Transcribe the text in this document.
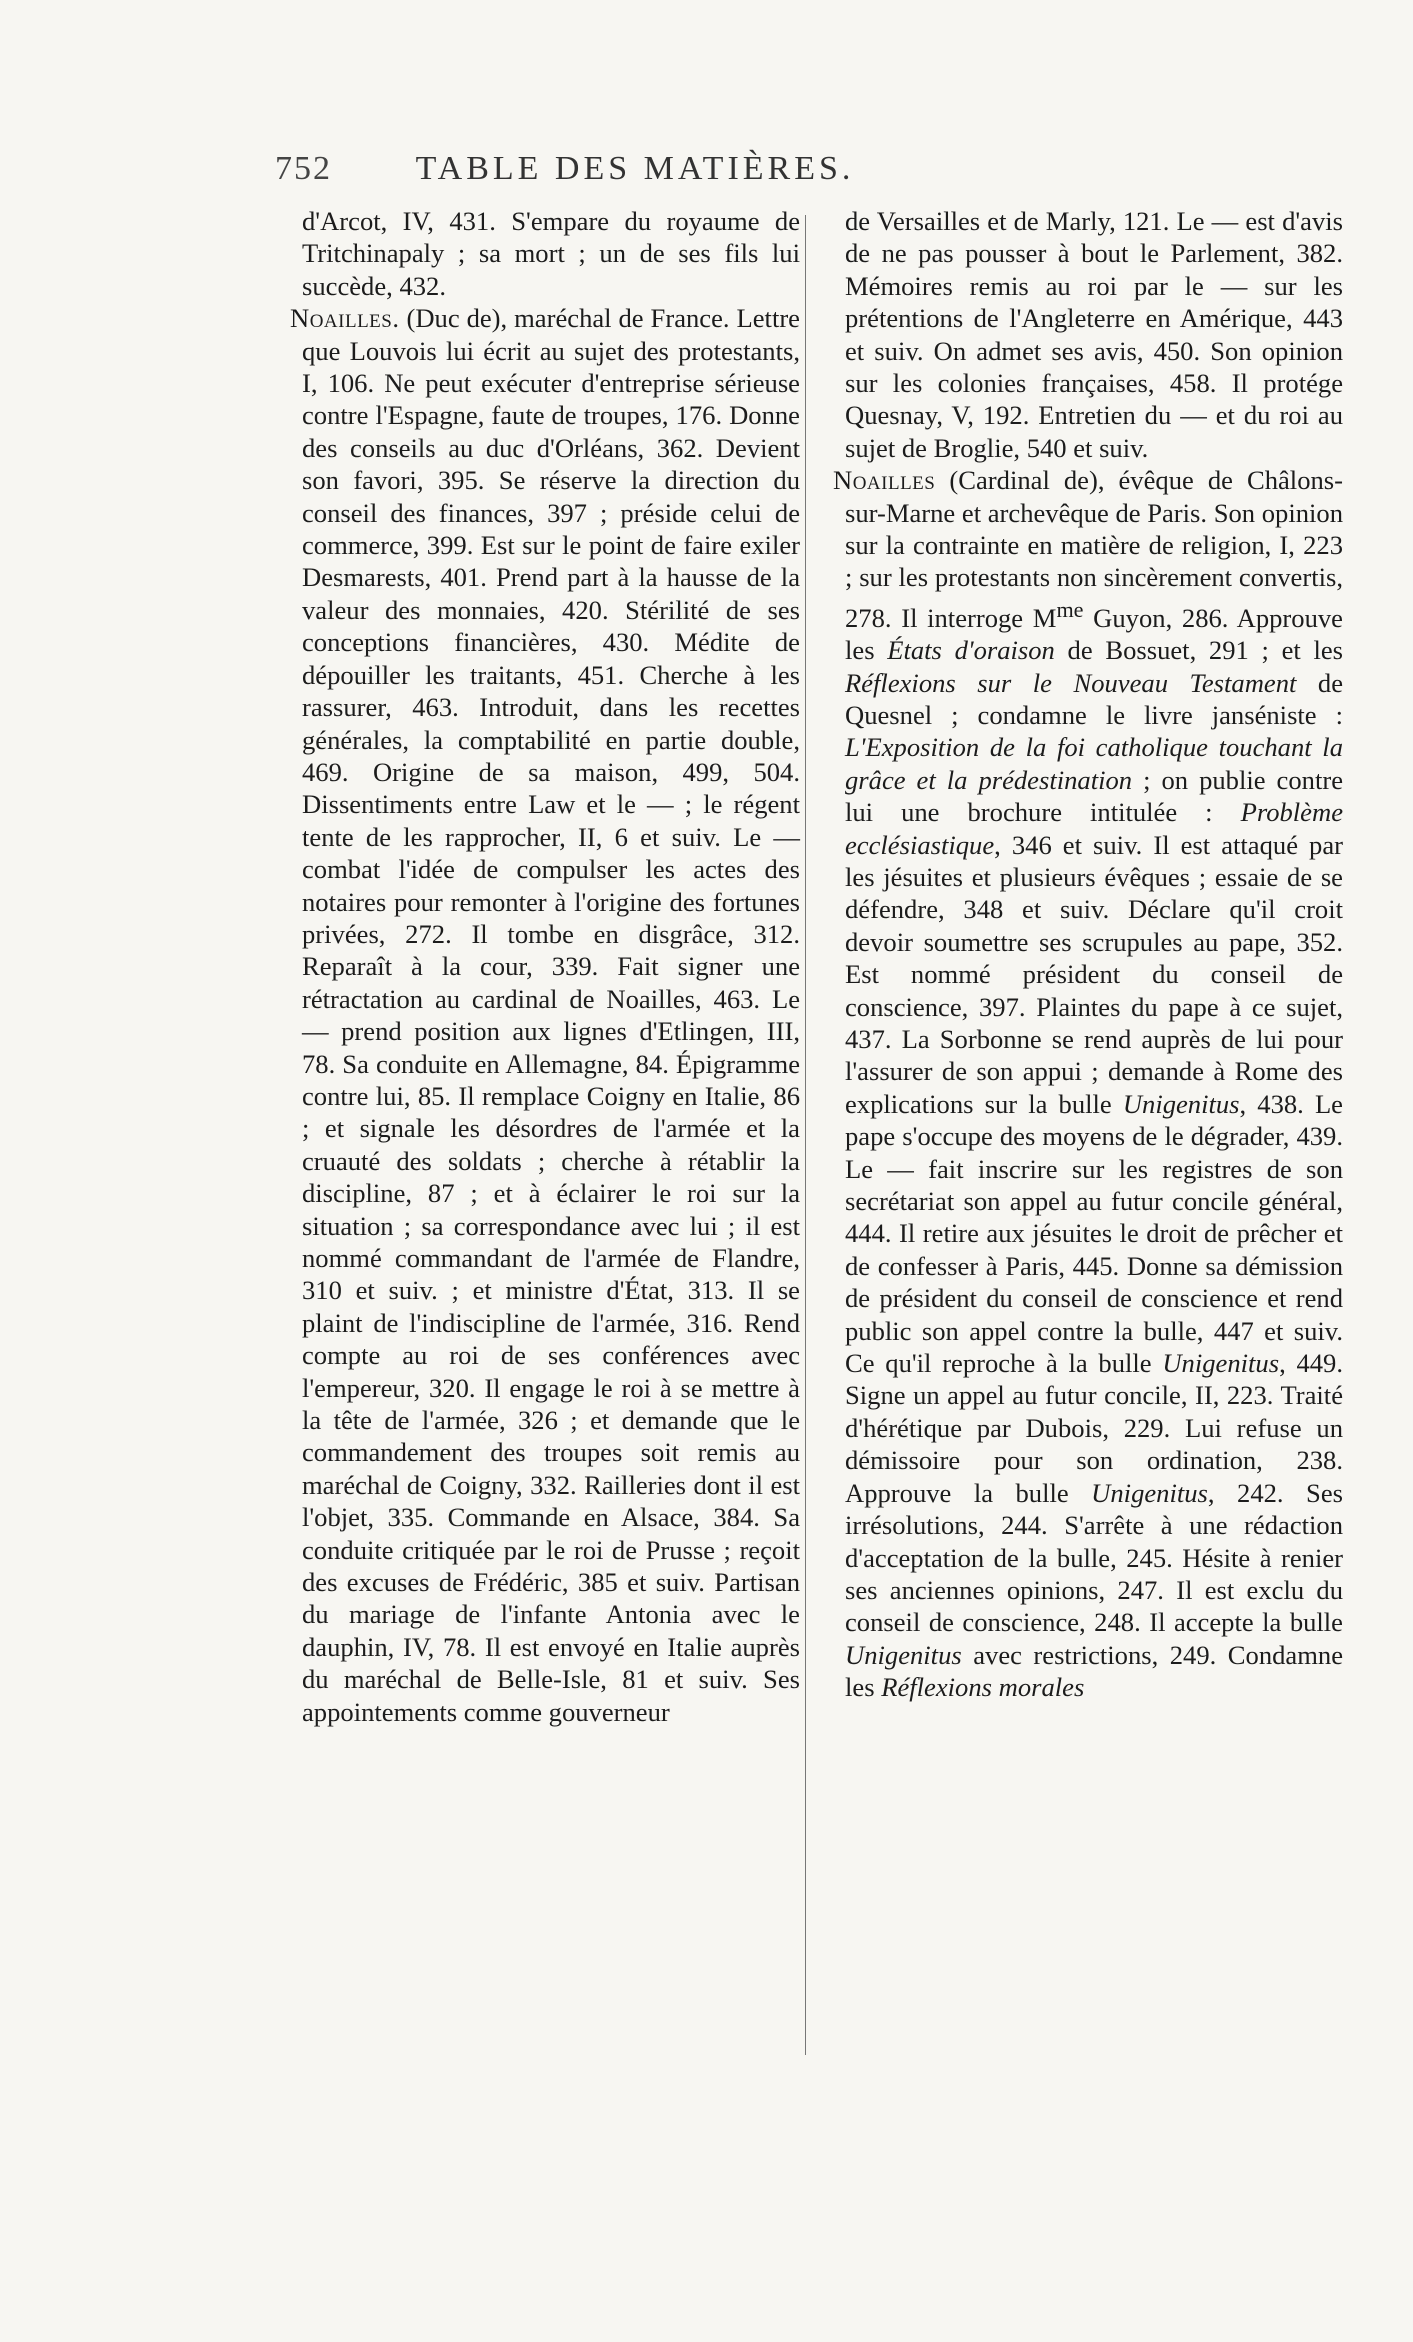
752	TABLE DES MATIÈRES.

d'Arcot, IV, 431. S'empare du royaume de Tritchinapaly ; sa mort ; un de ses fils lui succède, 432.

Noailles. (Duc de), maréchal de France. Lettre que Louvois lui écrit au sujet des protestants, I, 106. Ne peut exécuter d'entreprise sérieuse contre l'Espagne, faute de troupes, 176. Donne des conseils au duc d'Orléans, 362. Devient son favori, 395. Se réserve la direction du conseil des finances, 397 ; préside celui de commerce, 399. Est sur le point de faire exiler Desmarests, 401. Prend part à la hausse de la valeur des monnaies, 420. Stérilité de ses conceptions financières, 430. Médite de dépouiller les traitants, 451. Cherche à les rassurer, 463. Introduit, dans les recettes générales, la comptabilité en partie double, 469. Origine de sa maison, 499, 504. Dissentiments entre Law et le — ; le régent tente de les rapprocher, II, 6 et suiv. Le — combat l'idée de compulser les actes des notaires pour remonter à l'origine des fortunes privées, 272. Il tombe en disgrâce, 312. Reparaît à la cour, 339. Fait signer une rétractation au cardinal de Noailles, 463. Le — prend position aux lignes d'Etlingen, III, 78. Sa conduite en Allemagne, 84. Épigramme contre lui, 85. Il remplace Coigny en Italie, 86 ; et signale les désordres de l'armée et la cruauté des soldats ; cherche à rétablir la discipline, 87 ; et à éclairer le roi sur la situation ; sa correspondance avec lui ; il est nommé commandant de l'armée de Flandre, 310 et suiv. ; et ministre d'État, 313. Il se plaint de l'indiscipline de l'armée, 316. Rend compte au roi de ses conférences avec l'empereur, 320. Il engage le roi à se mettre à la tête de l'armée, 326 ; et demande que le commandement des troupes soit remis au maréchal de Coigny, 332. Railleries dont il est l'objet, 335. Commande en Alsace, 384. Sa conduite critiquée par le roi de Prusse ; reçoit des excuses de Frédéric, 385 et suiv. Partisan du mariage de l'infante Antonia avec le dauphin, IV, 78. Il est envoyé en Italie auprès du maréchal de Belle-Isle, 81 et suiv. Ses appointements comme gouverneur

de Versailles et de Marly, 121. Le — est d'avis de ne pas pousser à bout le Parlement, 382. Mémoires remis au roi par le — sur les prétentions de l'Angleterre en Amérique, 443 et suiv. On admet ses avis, 450. Son opinion sur les colonies françaises, 458. Il protége Quesnay, V, 192. Entretien du — et du roi au sujet de Broglie, 540 et suiv.

Noailles (Cardinal de), évêque de Châlons-sur-Marne et archevêque de Paris. Son opinion sur la contrainte en matière de religion, I, 223 ; sur les protestants non sincèrement convertis, 278. Il interroge $M^{me}$ Guyon, 286. Approuve les États d'oraison de Bossuet, 291 ; et les Réflexions sur le Nouveau Testament de Quesnel ; condamne le livre janséniste : L'Exposition de la foi catholique touchant la grâce et la prédestination ; on publie contre lui une brochure intitulée : Problème ecclésiastique, 346 et suiv. Il est attaqué par les jésuites et plusieurs évêques ; essaie de se défendre, 348 et suiv. Déclare qu'il croit devoir soumettre ses scrupules au pape, 352. Est nommé président du conseil de conscience, 397. Plaintes du pape à ce sujet, 437. La Sorbonne se rend auprès de lui pour l'assurer de son appui ; demande à Rome des explications sur la bulle Unigenitus, 438. Le pape s'occupe des moyens de le dégrader, 439. Le — fait inscrire sur les registres de son secrétariat son appel au futur concile général, 444. Il retire aux jésuites le droit de prêcher et de confesser à Paris, 445. Donne sa démission de président du conseil de conscience et rend public son appel contre la bulle, 447 et suiv. Ce qu'il reproche à la bulle Unigenitus, 449. Signe un appel au futur concile, II, 223. Traité d'hérétique par Dubois, 229. Lui refuse un démissoire pour son ordination, 238. Approuve la bulle Unigenitus, 242. Ses irrésolutions, 244. S'arrête à une rédaction d'acceptation de la bulle, 245. Hésite à renier ses anciennes opinions, 247. Il est exclu du conseil de conscience, 248. Il accepte la bulle Unigenitus avec restrictions, 249. Condamne les Réflexions morales
